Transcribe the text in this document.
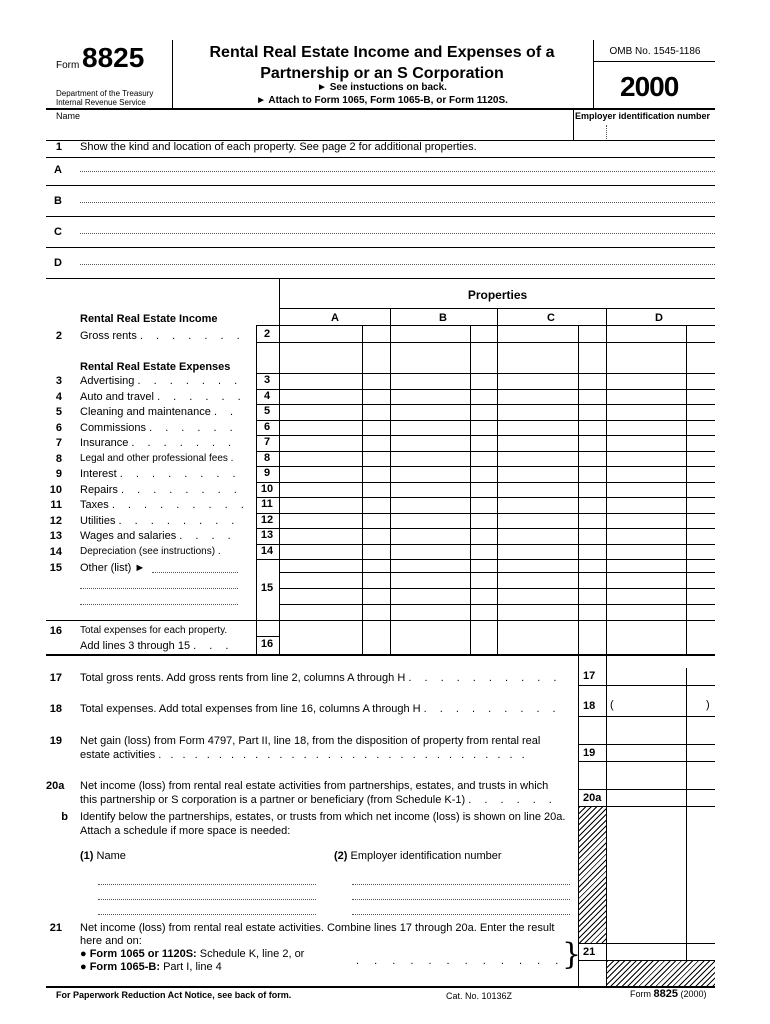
Form 8825
Department of the Treasury
Internal Revenue Service
Rental Real Estate Income and Expenses of a
Partnership or an S Corporation
► See instuctions on back.
► Attach to Form 1065, Form 1065-B, or Form 1120S.
OMB No. 1545-1186
2000
Name	Employer identification number
1 Show the kind and location of each property. See page 2 for additional properties.
A
B
C
D
Properties
A	B	C	D
Rental Real Estate Income
2 Gross rents . . . . . . .	2
Rental Real Estate Expenses
3 Advertising . . . . . . .	3
4 Auto and travel . . . . . .	4
5 Cleaning and maintenance . .	5
6 Commissions . . . . . .	6
7 Insurance . . . . . . .	7
8 Legal and other professional fees .	8
9 Interest . . . . . . . .	9
10 Repairs . . . . . . . .	10
11 Taxes . . . . . . . . .	11
12 Utilities . . . . . . . .	12
13 Wages and salaries . . . .	13
14 Depreciation (see instructions) .	14
15 Other (list) ►
15
16 Total expenses for each property.
Add lines 3 through 15 . . .	16
17 Total gross rents. Add gross rents from line 2, columns A through H . . . . . . . . . . 17
18 Total expenses. Add total expenses from line 16, columns A through H . . . . . . . . . 18	(	)
19 Net gain (loss) from Form 4797, Part II, line 18, from the disposition of property from rental real
estate activities . . . . . . . . . . . . . . . . . . . . . . . . . . . . . . .	19
20a	Net income (loss) from rental real estate activities from partnerships, estates, and trusts in which
this partnership or S corporation is a partner or beneficiary (from Schedule K-1) . . . . . . 20a
b Identify below the partnerships, estates, or trusts from which net income (loss) is shown on line 20a.
Attach a schedule if more space is needed:
(1) Name	(2) Employer identification number
21 Net income (loss) from rental real estate activities. Combine lines 17 through 20a. Enter the result
here and on:
● Form 1065 or 1120S: Schedule K, line 2, or
● Form 1065-B: Part I, line 4	. . . . . . . . . . . .
} 21
For Paperwork Reduction Act Notice, see back of form.	Cat. No. 10136Z	Form 8825 (2000)
